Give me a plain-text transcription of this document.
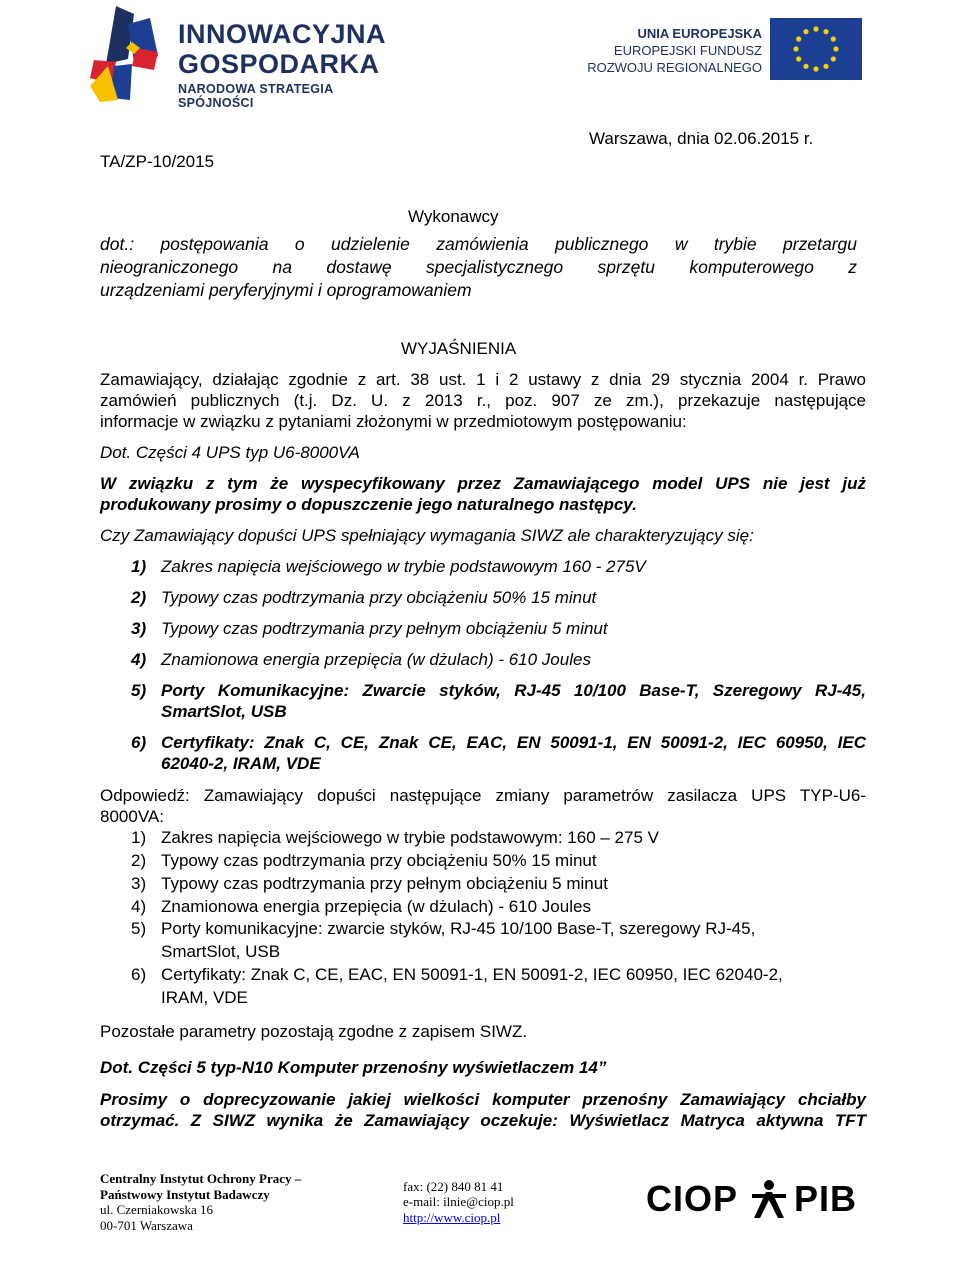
INNOWACYJNA
GOSPODARKA
NARODOWA STRATEGIA SPÓJNOŚCI
UNIA EUROPEJSKA
EUROPEJSKI FUNDUSZ
ROZWOJU REGIONALNEGO
TA/ZP-10/2015
Warszawa, dnia 02.06.2015 r.
Wykonawcy
dot.: postępowania o udzielenie zamówienia publicznego w trybie przetargu
nieograniczonego na dostawę specjalistycznego sprzętu komputerowego z
urządzeniami peryferyjnymi i oprogramowaniem
WYJAŚNIENIA
Zamawiający, działając zgodnie z art. 38 ust. 1 i 2 ustawy z dnia 29 stycznia 2004 r. Prawo
zamówień publicznych (t.j. Dz. U. z 2013 r., poz. 907 ze zm.), przekazuje następujące
informacje w związku z pytaniami złożonymi w przedmiotowym postępowaniu:
Dot. Części 4 UPS typ U6-8000VA
W związku z tym że wyspecyfikowany przez Zamawiającego model UPS nie jest już
produkowany prosimy o dopuszczenie jego naturalnego następcy.
Czy Zamawiający dopuści UPS spełniający wymagania SIWZ ale charakteryzujący się:
1) Zakres napięcia wejściowego w trybie podstawowym 160 - 275V
2) Typowy czas podtrzymania przy obciążeniu 50% 15 minut
3) Typowy czas podtrzymania przy pełnym obciążeniu 5 minut
4) Znamionowa energia przepięcia (w dżulach) - 610 Joules
5) Porty Komunikacyjne: Zwarcie styków, RJ-45 10/100 Base-T, Szeregowy RJ-45,
SmartSlot, USB
6) Certyfikaty: Znak C, CE, Znak CE, EAC, EN 50091-1, EN 50091-2, IEC 60950, IEC
62040-2, IRAM, VDE
Odpowiedź: Zamawiający dopuści następujące zmiany parametrów zasilacza UPS TYP-U6-
8000VA:
1) Zakres napięcia wejściowego w trybie podstawowym: 160 – 275 V
2) Typowy czas podtrzymania przy obciążeniu 50% 15 minut
3) Typowy czas podtrzymania przy pełnym obciążeniu 5 minut
4) Znamionowa energia przepięcia (w dżulach) - 610 Joules
5) Porty komunikacyjne: zwarcie styków, RJ-45 10/100 Base-T, szeregowy RJ-45,
SmartSlot, USB
6) Certyfikaty: Znak C, CE, EAC, EN 50091-1, EN 50091-2, IEC 60950, IEC 62040-2,
IRAM, VDE
Pozostałe parametry pozostają zgodne z zapisem SIWZ.
Dot. Części 5 typ-N10 Komputer przenośny wyświetlaczem 14”
Prosimy o doprecyzowanie jakiej wielkości komputer przenośny Zamawiający chciałby
otrzymać. Z SIWZ wynika że Zamawiający oczekuje: Wyświetlacz Matryca aktywna TFT
Centralny Instytut Ochrony Pracy –
Państwowy Instytut Badawczy
ul. Czerniakowska 16
00-701 Warszawa
fax: (22) 840 81 41
e-mail: ilnie@ciop.pl
http://www.ciop.pl	CIOP PIB
